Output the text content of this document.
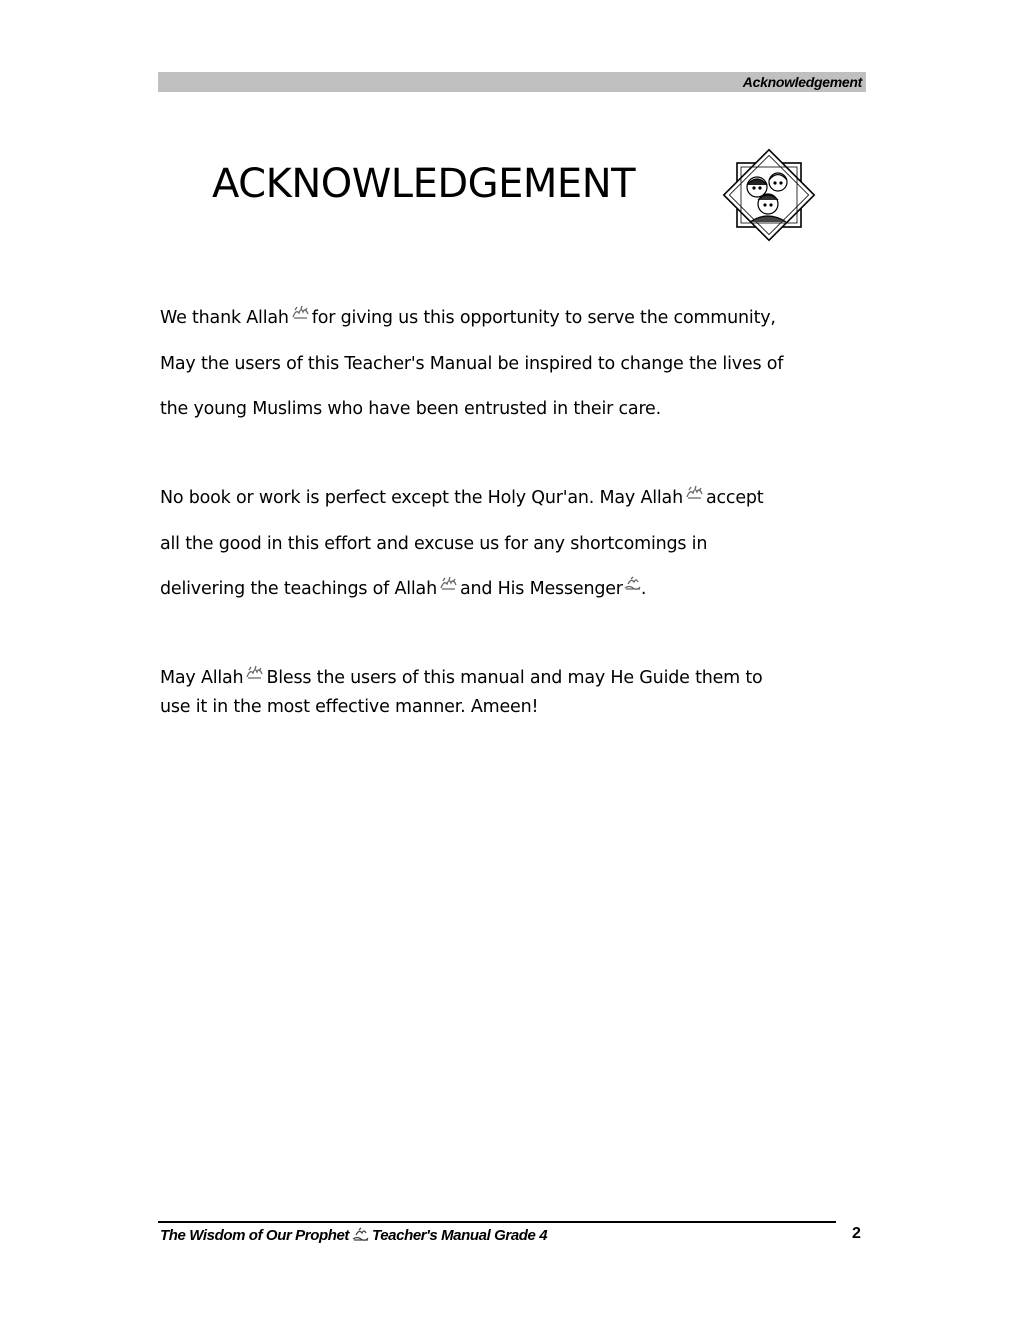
Acknowledgement
ACKNOWLEDGEMENT
We thank Allah for giving us this opportunity to serve the community,
May the users of this Teacher's Manual be inspired to change the lives of
the young Muslims who have been entrusted in their care.
No book or work is perfect except the Holy Qur'an. May Allah accept
all the good in this effort and excuse us for any shortcomings in
delivering the teachings of Allah and His Messenger .
May Allah Bless the users of this manual and may He Guide them to
use it in the most effective manner. Ameen!
The Wisdom of Our Prophet Teacher's Manual Grade 4	2
